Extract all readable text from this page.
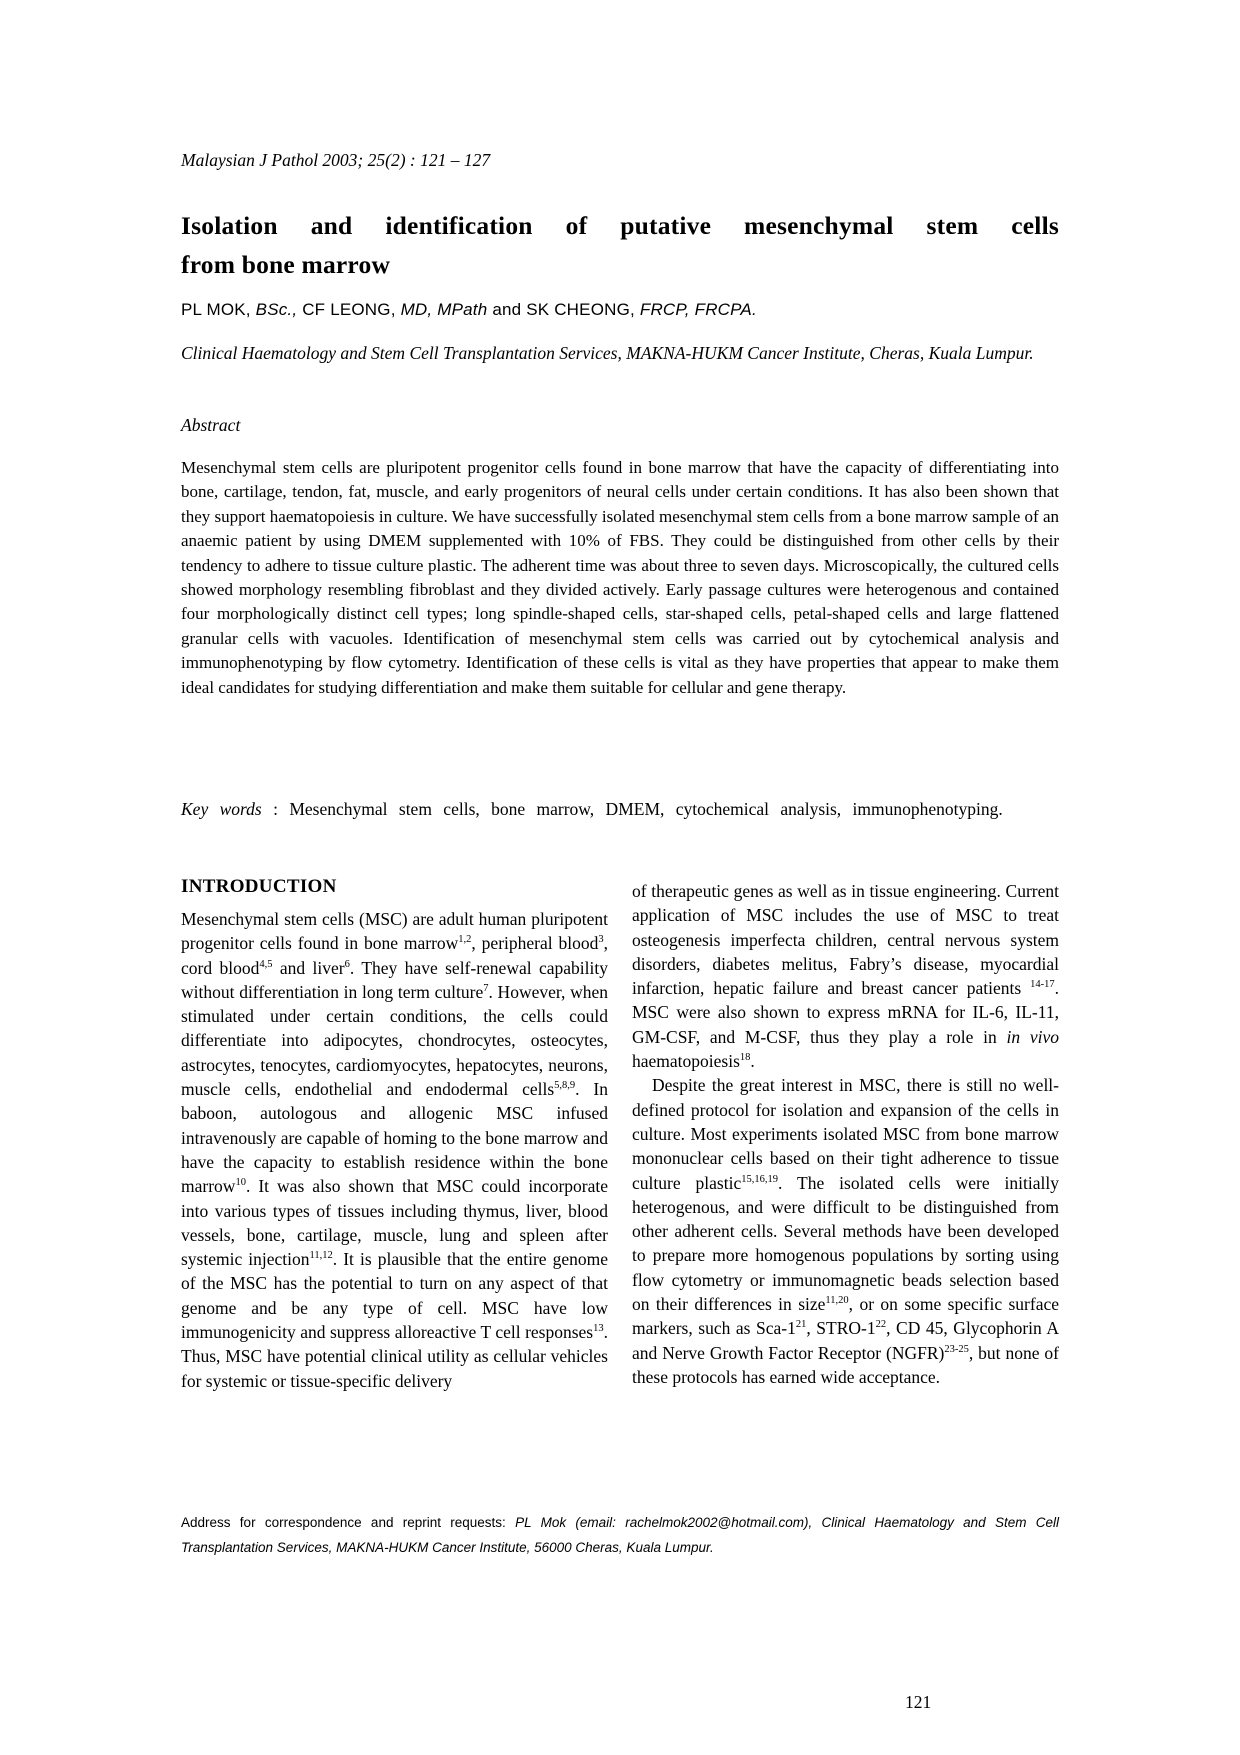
Malaysian J Pathol 2003; 25(2) : 121 – 127
Isolation and identification of putative mesenchymal stem cells
from bone marrow
PL MOK, BSc., CF LEONG, MD, MPath and SK CHEONG, FRCP, FRCPA.
Clinical Haematology and Stem Cell Transplantation Services, MAKNA-HUKM Cancer Institute, Cheras, Kuala Lumpur.
Abstract
Mesenchymal stem cells are pluripotent progenitor cells found in bone marrow that have the capacity of differentiating into bone, cartilage, tendon, fat, muscle, and early progenitors of neural cells under certain conditions. It has also been shown that they support haematopoiesis in culture. We have successfully isolated mesenchymal stem cells from a bone marrow sample of an anaemic patient by using DMEM supplemented with 10% of FBS. They could be distinguished from other cells by their tendency to adhere to tissue culture plastic. The adherent time was about three to seven days. Microscopically, the cultured cells showed morphology resembling fibroblast and they divided actively. Early passage cultures were heterogenous and contained four morphologically distinct cell types; long spindle-shaped cells, star-shaped cells, petal-shaped cells and large flattened granular cells with vacuoles. Identification of mesenchymal stem cells was carried out by cytochemical analysis and immunophenotyping by flow cytometry. Identification of these cells is vital as they have properties that appear to make them ideal candidates for studying differentiation and make them suitable for cellular and gene therapy.
Key words : Mesenchymal stem cells, bone marrow, DMEM, cytochemical analysis, immunophenotyping.
INTRODUCTION

Mesenchymal stem cells (MSC) are adult human pluripotent progenitor cells found in bone marrow$^{1,2}$, peripheral blood$^3$, cord blood$^{4,5}$ and liver$^6$. They have self-renewal capability without differentiation in long term culture$^7$. However, when stimulated under certain conditions, the cells could differentiate into adipocytes, chondrocytes, osteocytes, astrocytes, tenocytes, cardiomyocytes, hepatocytes, neurons, muscle cells, endothelial and endodermal cells$^{5,8,9}$. In baboon, autologous and allogenic MSC infused intravenously are capable of homing to the bone marrow and have the capacity to establish residence within the bone marrow$^{10}$. It was also shown that MSC could incorporate into various types of tissues including thymus, liver, blood vessels, bone, cartilage, muscle, lung and spleen after systemic injection$^{11,12}$. It is plausible that the entire genome of the MSC has the potential to turn on any aspect of that genome and be any type of cell. MSC have low immunogenicity and suppress alloreactive T cell responses$^{13}$. Thus, MSC have potential clinical utility as cellular vehicles for systemic or tissue-specific delivery

of therapeutic genes as well as in tissue engineering. Current application of MSC includes the use of MSC to treat osteogenesis imperfecta children, central nervous system disorders, diabetes melitus, Fabry’s disease, myocardial infarction, hepatic failure and breast cancer patients $^{14-17}$. MSC were also shown to express mRNA for IL-6, IL-11, GM-CSF, and M-CSF, thus they play a role in in vivo haematopoiesis$^{18}$.

Despite the great interest in MSC, there is still no well-defined protocol for isolation and expansion of the cells in culture. Most experiments isolated MSC from bone marrow mononuclear cells based on their tight adherence to tissue culture plastic$^{15,16,19}$. The isolated cells were initially heterogenous, and were difficult to be distinguished from other adherent cells. Several methods have been developed to prepare more homogenous populations by sorting using flow cytometry or immunomagnetic beads selection based on their differences in size$^{11,20}$, or on some specific surface markers, such as Sca-$1^{21}$, STRO-$1^{22}$, CD 45, Glycophorin A and Nerve Growth Factor Receptor (NGFR)$^{23-25}$, but none of these protocols has earned wide acceptance.

Address for correspondence and reprint requests: PL Mok (email: rachelmok2002@hotmail.com), Clinical Haematology and Stem Cell Transplantation Services, MAKNA-HUKM Cancer Institute, 56000 Cheras, Kuala Lumpur.
121
